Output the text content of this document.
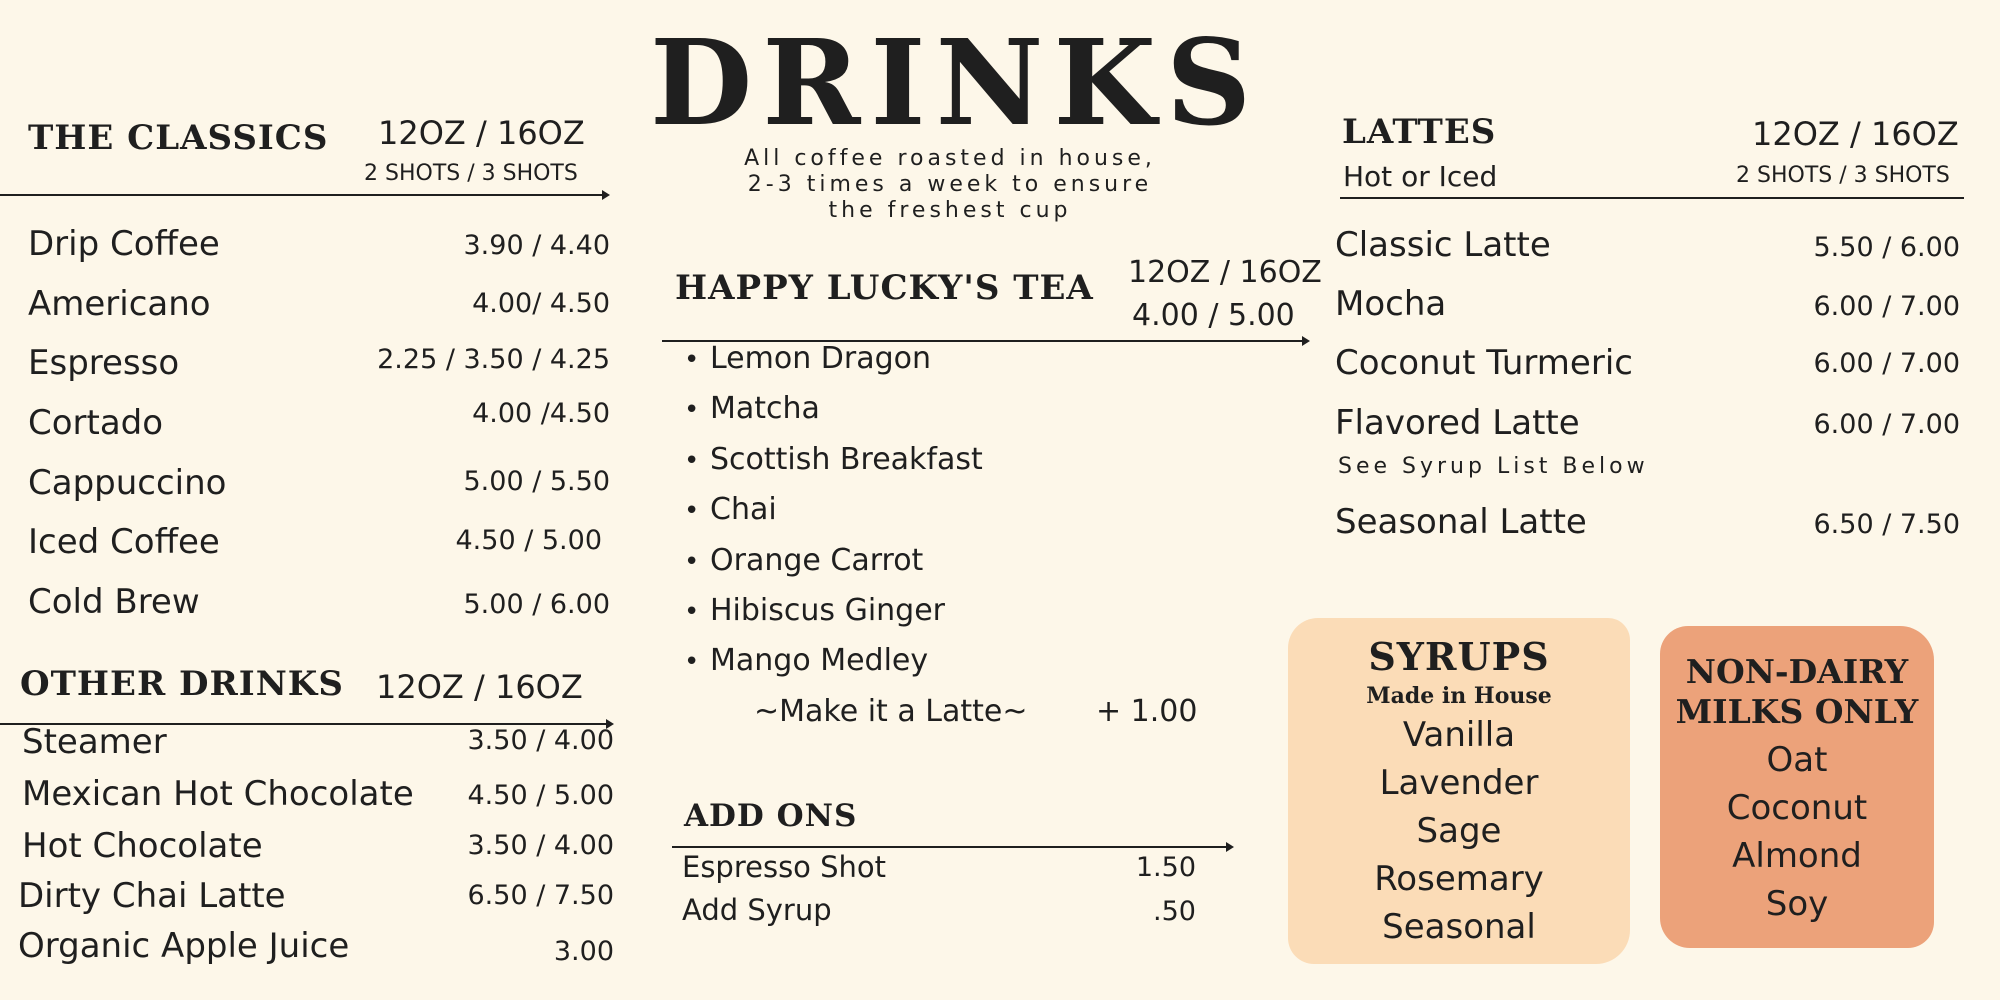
DRINKS
All coffee roasted in house,
2-3 times a week to ensure
the freshest cup
THE CLASSICS 12OZ / 16OZ
2 SHOTS / 3 SHOTS
Drip Coffee	3.90 / 4.40
Americano	4.00/ 4.50
Espresso	2.25 / 3.50 / 4.25
Cortado	4.00 /4.50
Cappuccino	5.00 / 5.50
Iced Coffee	4.50 / 5.00
Cold Brew	5.00 / 6.00
OTHER DRINKS 12OZ / 16OZ
Steamer	3.50 / 4.00
Mexican Hot Chocolate	4.50 / 5.00
Hot Chocolate	3.50 / 4.00
Dirty Chai Latte	6.50 / 7.50
Organic Apple Juice	3.00
HAPPY LUCKY'S TEA 12OZ / 16OZ
4.00 / 5.00
• Lemon Dragon
• Matcha
• Scottish Breakfast
• Chai
• Orange Carrot
• Hibiscus Ginger
• Mango Medley
~Make it a Latte~ + 1.00
ADD ONS
Espresso Shot	1.50
Add Syrup	.50
LATTES
Hot or Iced
12OZ / 16OZ
2 SHOTS / 3 SHOTS
Classic Latte	5.50 / 6.00
Mocha	6.00 / 7.00
Coconut Turmeric	6.00 / 7.00
Flavored Latte	6.00 / 7.00
See Syrup List Below
Seasonal Latte	6.50 / 7.50
SYRUPS
Made in House
Vanilla
Lavender
Sage
Rosemary
Seasonal
NON-DAIRY
MILKS ONLY
Oat
Coconut
Almond
Soy
